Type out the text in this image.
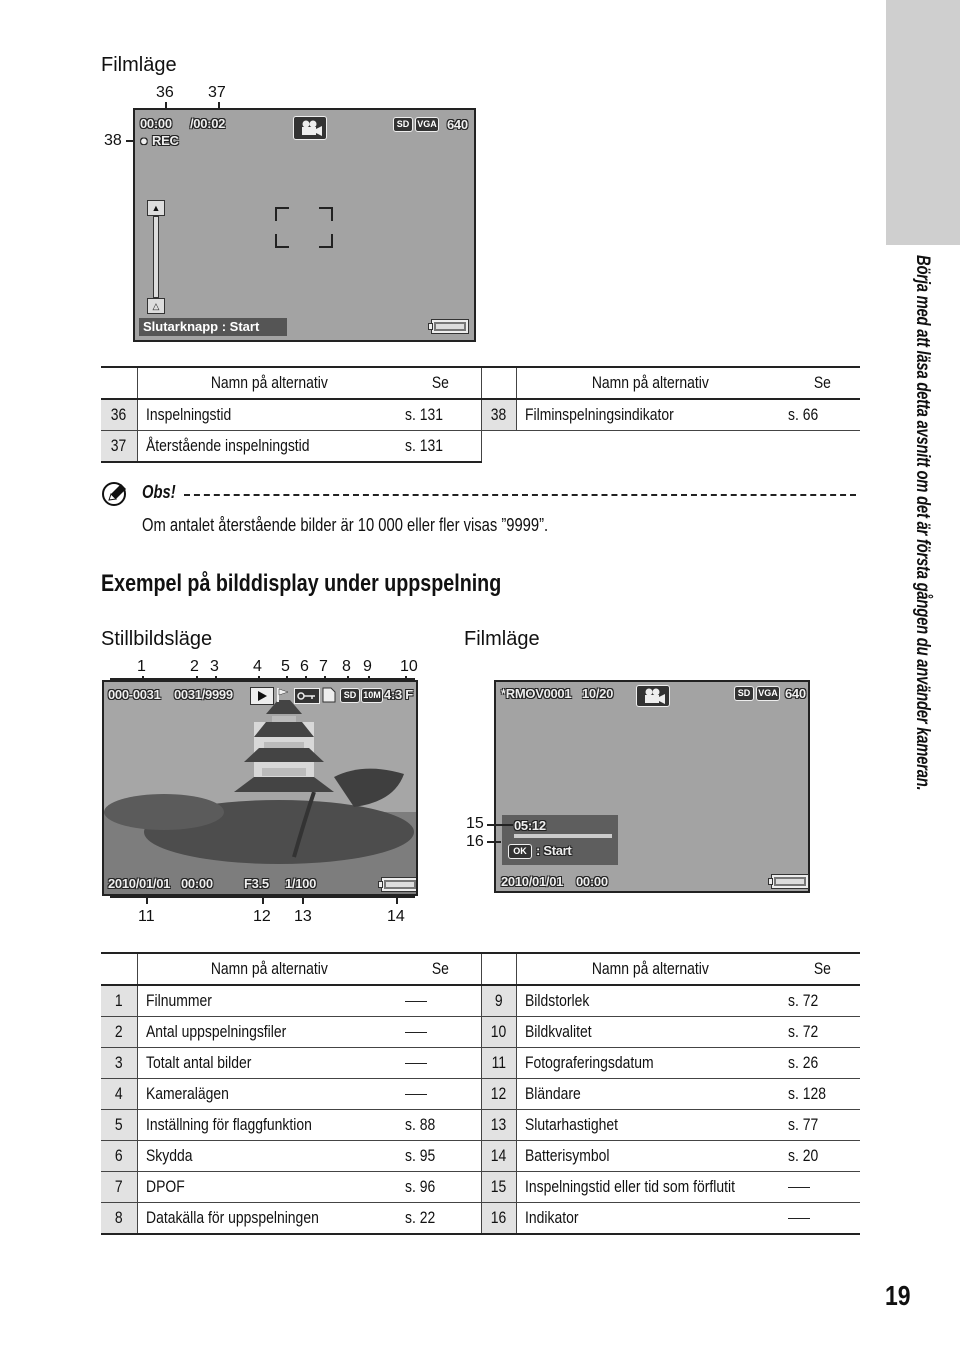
Börja med att läsa detta avsnitt om det är första gången du använder kameran.
Filmläge
36 37
38
00:00 /00:02
● REC
SD VGA 640
▲
△
Slutarknapp : Start
	Namn på alternativ	Se		Namn på alternativ	Se
36	Inspelningstid	s. 131	38	Filminspelningsindikator	s. 66
37	Återstående inspelningstid	s. 131			
Obs!
Om antalet återstående bilder är 10 000 eller fler visas ”9999”.
Exempel på bilddisplay under uppspelning
Stillbildsläge	Filmläge
1	2 3 4 5 6 7 8 9 10
000-0031 0031/9999	SD 10M 4:3 F
2010/01/01 00:00 F3.5 1/100
11	12 13	14
*RMOV0001 10/20	SD VGA 640
05:12
OK : Start
2010/01/01 00:00
15
16
	Namn på alternativ	Se		Namn på alternativ	Se
1	Filnummer		9	Bildstorlek	s. 72
2	Antal uppspelningsfiler		10	Bildkvalitet	s. 72
3	Totalt antal bilder		11	Fotograferingsdatum	s. 26
4	Kameralägen		12	Bländare	s. 128
5	Inställning för flaggfunktion	s. 88	13	Slutarhastighet	s. 77
6	Skydda	s. 95	14	Batterisymbol	s. 20
7	DPOF	s. 96	15	Inspelningstid eller tid som förflutit	
8	Datakälla för uppspelningen	s. 22	16	Indikator	
19
